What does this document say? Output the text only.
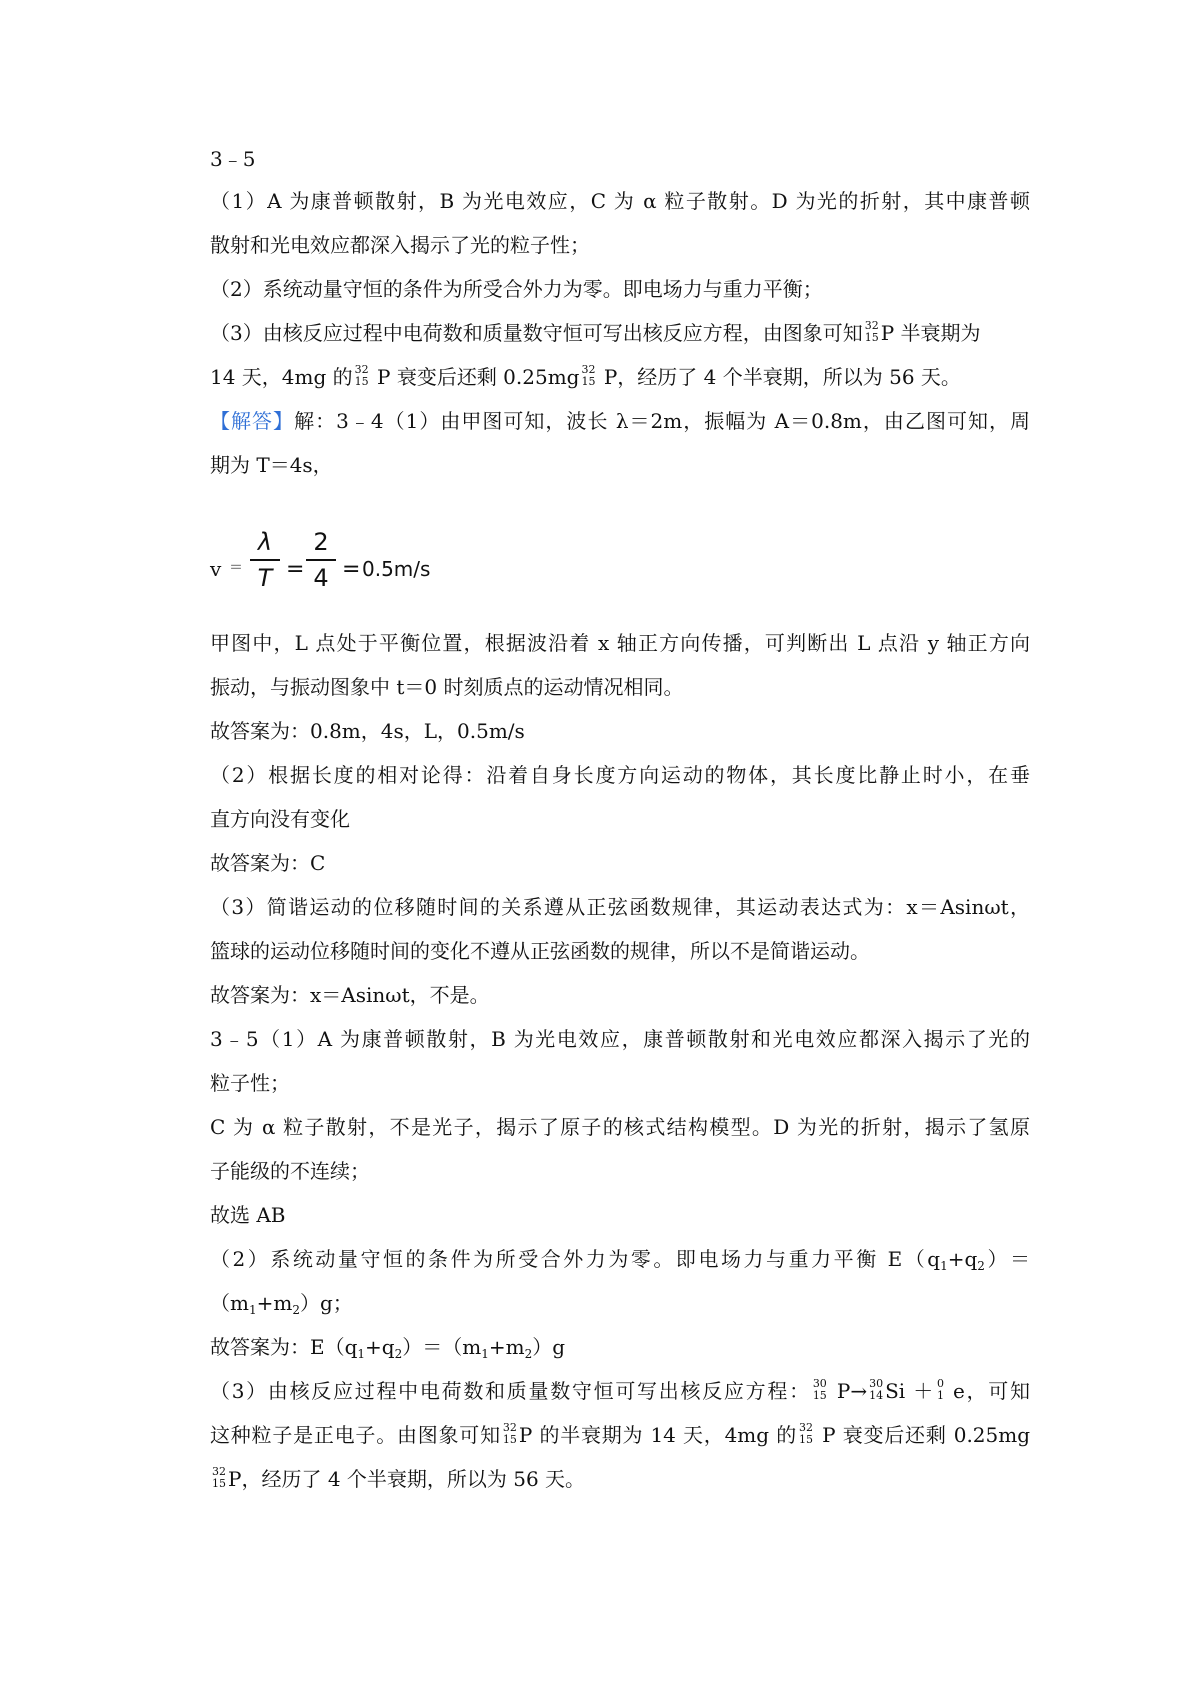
3﹣5
（1）A 为康普顿散射，B 为光电效应，C 为 α 粒子散射。D 为光的折射，其中康普顿
散射和光电效应都深入揭示了光的粒子性；
（2）系统动量守恒的条件为所受合外力为零。即电场力与重力平衡；
（3）由核反应过程中电荷数和质量数守恒可写出核反应方程，由图象可知 32
15 P 半衰期为
14 天，4mg 的 32
15 P 衰变后还剩 0.25mg 32
15 P，经历了 4 个半衰期，所以为 56 天。
【解答】解：3﹣4（1）由甲图可知，波长 λ＝2m，振幅为 A＝0.8m，由乙图可知，周
期为 T＝4s，
v ＝
λ
T =
2
4 = 0.5m/s
甲图中，L 点处于平衡位置，根据波沿着 x 轴正方向传播，可判断出 L 点沿 y 轴正方向
振动，与振动图象中 t＝0 时刻质点的运动情况相同。
故答案为：0.8m，4s，L，0.5m/s
（2）根据长度的相对论得：沿着自身长度方向运动的物体，其长度比静止时小，在垂
直方向没有变化
故答案为：C
（3）简谐运动的位移随时间的关系遵从正弦函数规律，其运动表达式为：x＝Asinωt，
篮球的运动位移随时间的变化不遵从正弦函数的规律，所以不是简谐运动。
故答案为：x＝Asinωt，不是。
3﹣5（1）A 为康普顿散射，B 为光电效应，康普顿散射和光电效应都深入揭示了光的
粒子性；
C 为 α 粒子散射，不是光子，揭示了原子的核式结构模型。D 为光的折射，揭示了氢原
子能级的不连续；
故选 AB
（2）系统动量守恒的条件为所受合外力为零。即电场力与重力平衡 $E(q_1+q_2)=$
$(m_1+m_2)g$；
故答案为：$E(q_1+q_2)=(m_1+m_2)g$
（3）由核反应过程中电荷数和质量数守恒可写出核反应方程： 30
15 P→ 30
14 Si ＋ 0
1 e，可知
这种粒子是正电子。由图象可知 32
15 P 的半衰期为 14 天，4mg 的 32
15 P 衰变后还剩 0.25mg
32
15 P，经历了 4 个半衰期，所以为 56 天。
